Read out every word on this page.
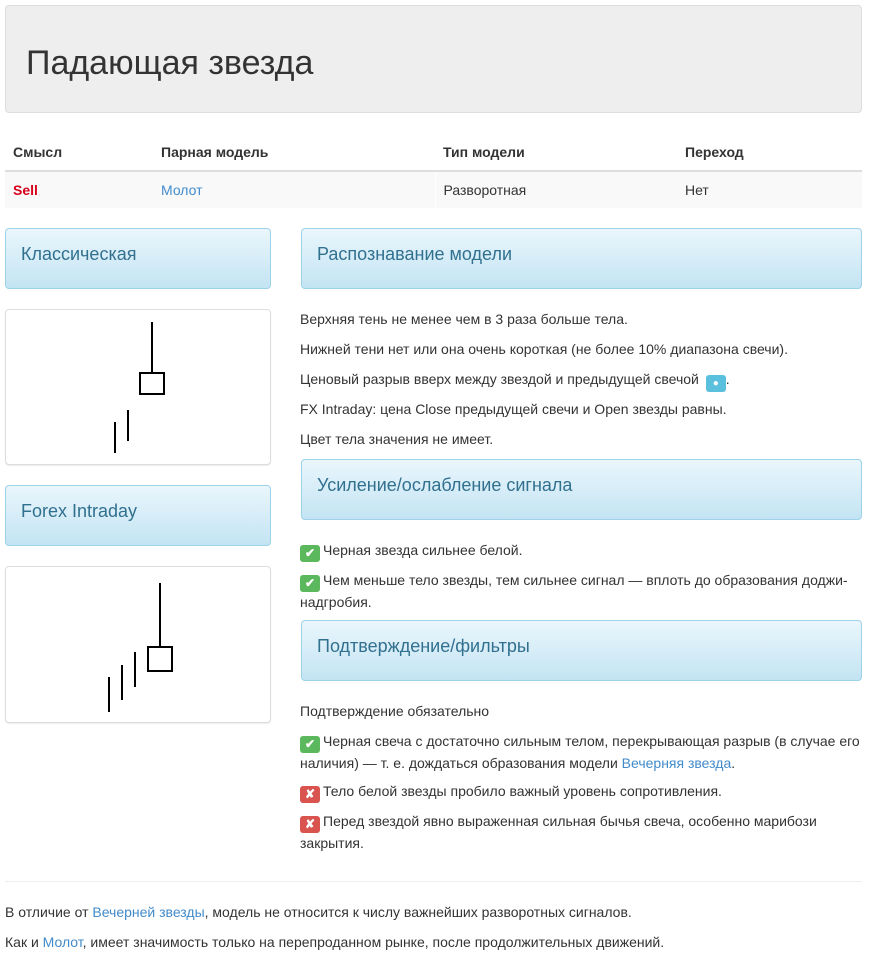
Падающая звезда
Смысл	Парная модель	Тип модели	Переход
Sell	Молот	Разворотная	Нет
Классическая
Forex Intraday
Распознавание модели
Верхняя тень не менее чем в 3 раза больше тела.
Нижней тени нет или она очень короткая (не более 10% диапазона свечи).
Ценовый разрыв вверх между звездой и предыдущей свечой ● .
FX Intraday: цена Close предыдущей свечи и Open звезды равны.
Цвет тела значения не имеет.
Усиление/ослабление сигнала
✔ Черная звезда сильнее белой.
✔ Чем меньше тело звезды, тем сильнее сигнал — вплоть до образования доджи-надгробия.
Подтверждение/фильтры
Подтверждение обязательно
✔ Черная свеча с достаточно сильным телом, перекрывающая разрыв (в случае его наличия) — т. е. дождаться образования модели Вечерняя звезда.
✘ Тело белой звезды пробило важный уровень сопротивления.
✘ Перед звездой явно выраженная сильная бычья свеча, особенно марибози закрытия.
В отличие от Вечерней звезды, модель не относится к числу важнейших разворотных сигналов.
Как и Молот, имеет значимость только на перепроданном рынке, после продолжительных движений.
